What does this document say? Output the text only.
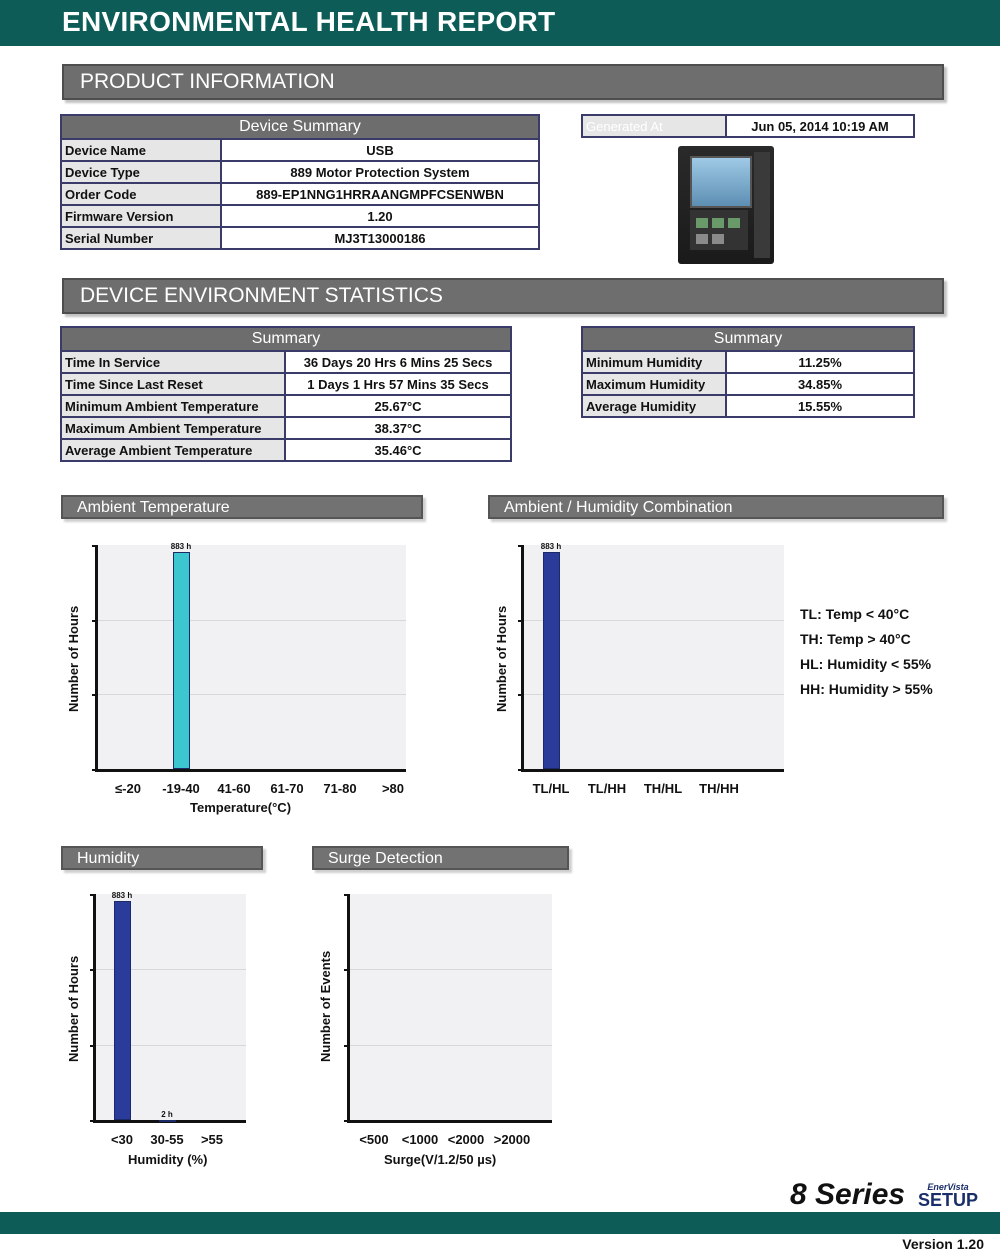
ENVIRONMENTAL HEALTH REPORT
PRODUCT INFORMATION
Device Summary	
Device Name	USB
Device Type	889 Motor Protection System
Order Code	889-EP1NNG1HRRAANGMPFCSENWBN
Firmware Version	1.20
Serial Number	MJ3T13000186
Generated At	Jun 05, 2014 10:19 AM
DEVICE ENVIRONMENT STATISTICS
Summary	
Time In Service	36 Days 20 Hrs 6 Mins 25 Secs
Time Since Last Reset	1 Days 1 Hrs 57 Mins 35 Secs
Minimum Ambient Temperature	25.67°C
Maximum Ambient Temperature	38.37°C
Average Ambient Temperature	35.46°C
Summary	
Minimum Humidity	11.25%
Maximum Humidity	34.85%
Average Humidity	15.55%
Ambient Temperature	Ambient / Humidity Combination
Humidity	Surge Detection
TL: Temp < 40°C
TH: Temp > 40°C
HL: Humidity < 55%
HH: Humidity > 55%
8 Series	EnerVista
SETUP
Version 1.20
Number of Hours
≤-20
883 h
-19-40	41-60	61-70	71-80	>80
Temperature(°C)
Number of Hours
883 h
TL/HL	TL/HH	TH/HL	TH/HH
Number of Hours
883 h
<30
2 h
30-55	>55
Humidity (%)
Number of Events
<500	<1000 <2000 >2000
Surge(V/1.2/50 µs)
